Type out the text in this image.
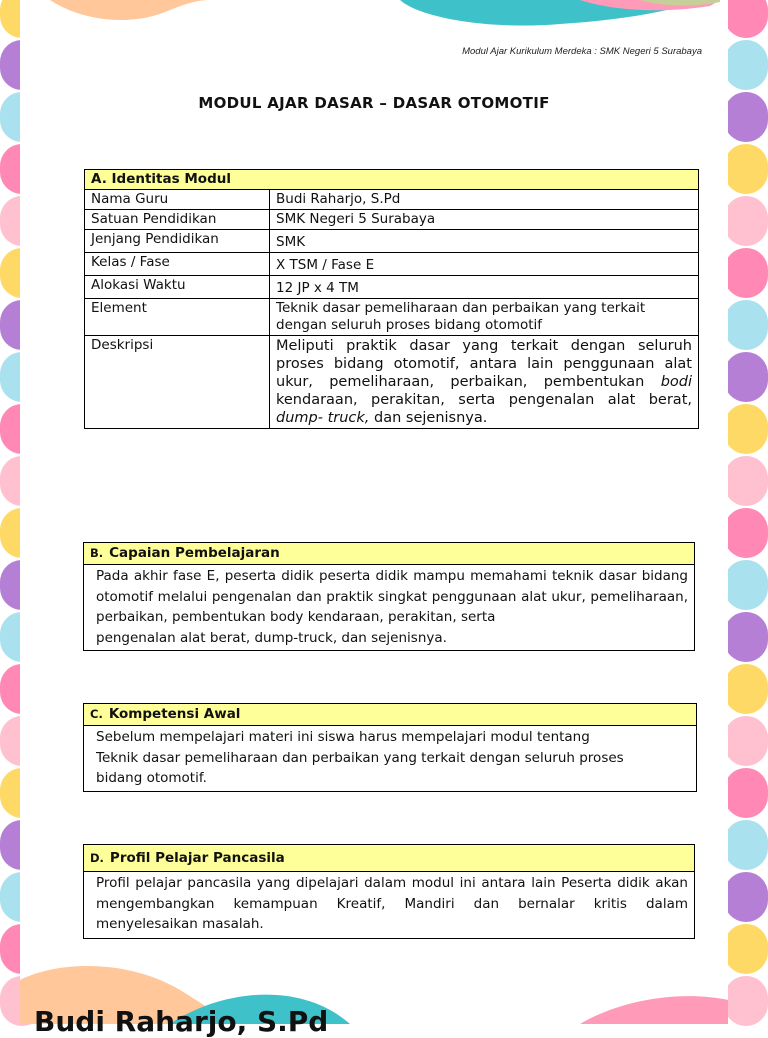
Modul Ajar Kurikulum Merdeka : SMK Negeri 5 Surabaya
MODUL AJAR DASAR – DASAR OTOMOTIF
A. Identitas Modul	
Nama Guru	Budi Raharjo, S.Pd
Satuan Pendidikan	SMK Negeri 5 Surabaya
Jenjang Pendidikan	SMK
Kelas / Fase	X TSM / Fase E
Alokasi Waktu	12 JP x 4 TM
Element	Teknik dasar pemeliharaan dan perbaikan yang terkait
dengan seluruh proses bidang otomotif

Deskripsi	Meliputi praktik dasar yang terkait dengan seluruh proses bidang otomotif, antara lain penggunaan alat ukur, pemeliharaan, perbaikan, pembentukan bodi kendaraan, perakitan, serta pengenalan alat berat, dump- truck, dan sejenisnya.
B. Capaian Pembelajaran
Pada akhir fase E, peserta didik peserta didik mampu memahami teknik dasar bidang otomotif melalui pengenalan dan praktik singkat penggunaan alat ukur, pemeliharaan, perbaikan, pembentukan body kendaraan, perakitan, serta
pengenalan alat berat, dump-truck, dan sejenisnya.
C. Kompetensi Awal
Sebelum mempelajari materi ini siswa harus mempelajari modul tentang
Teknik dasar pemeliharaan dan perbaikan yang terkait dengan seluruh proses
bidang otomotif.
D. Profil Pelajar Pancasila
Profil pelajar pancasila yang dipelajari dalam modul ini antara lain Peserta didik akan mengembangkan kemampuan Kreatif, Mandiri dan bernalar kritis dalam menyelesaikan masalah.
Budi Raharjo, S.Pd
